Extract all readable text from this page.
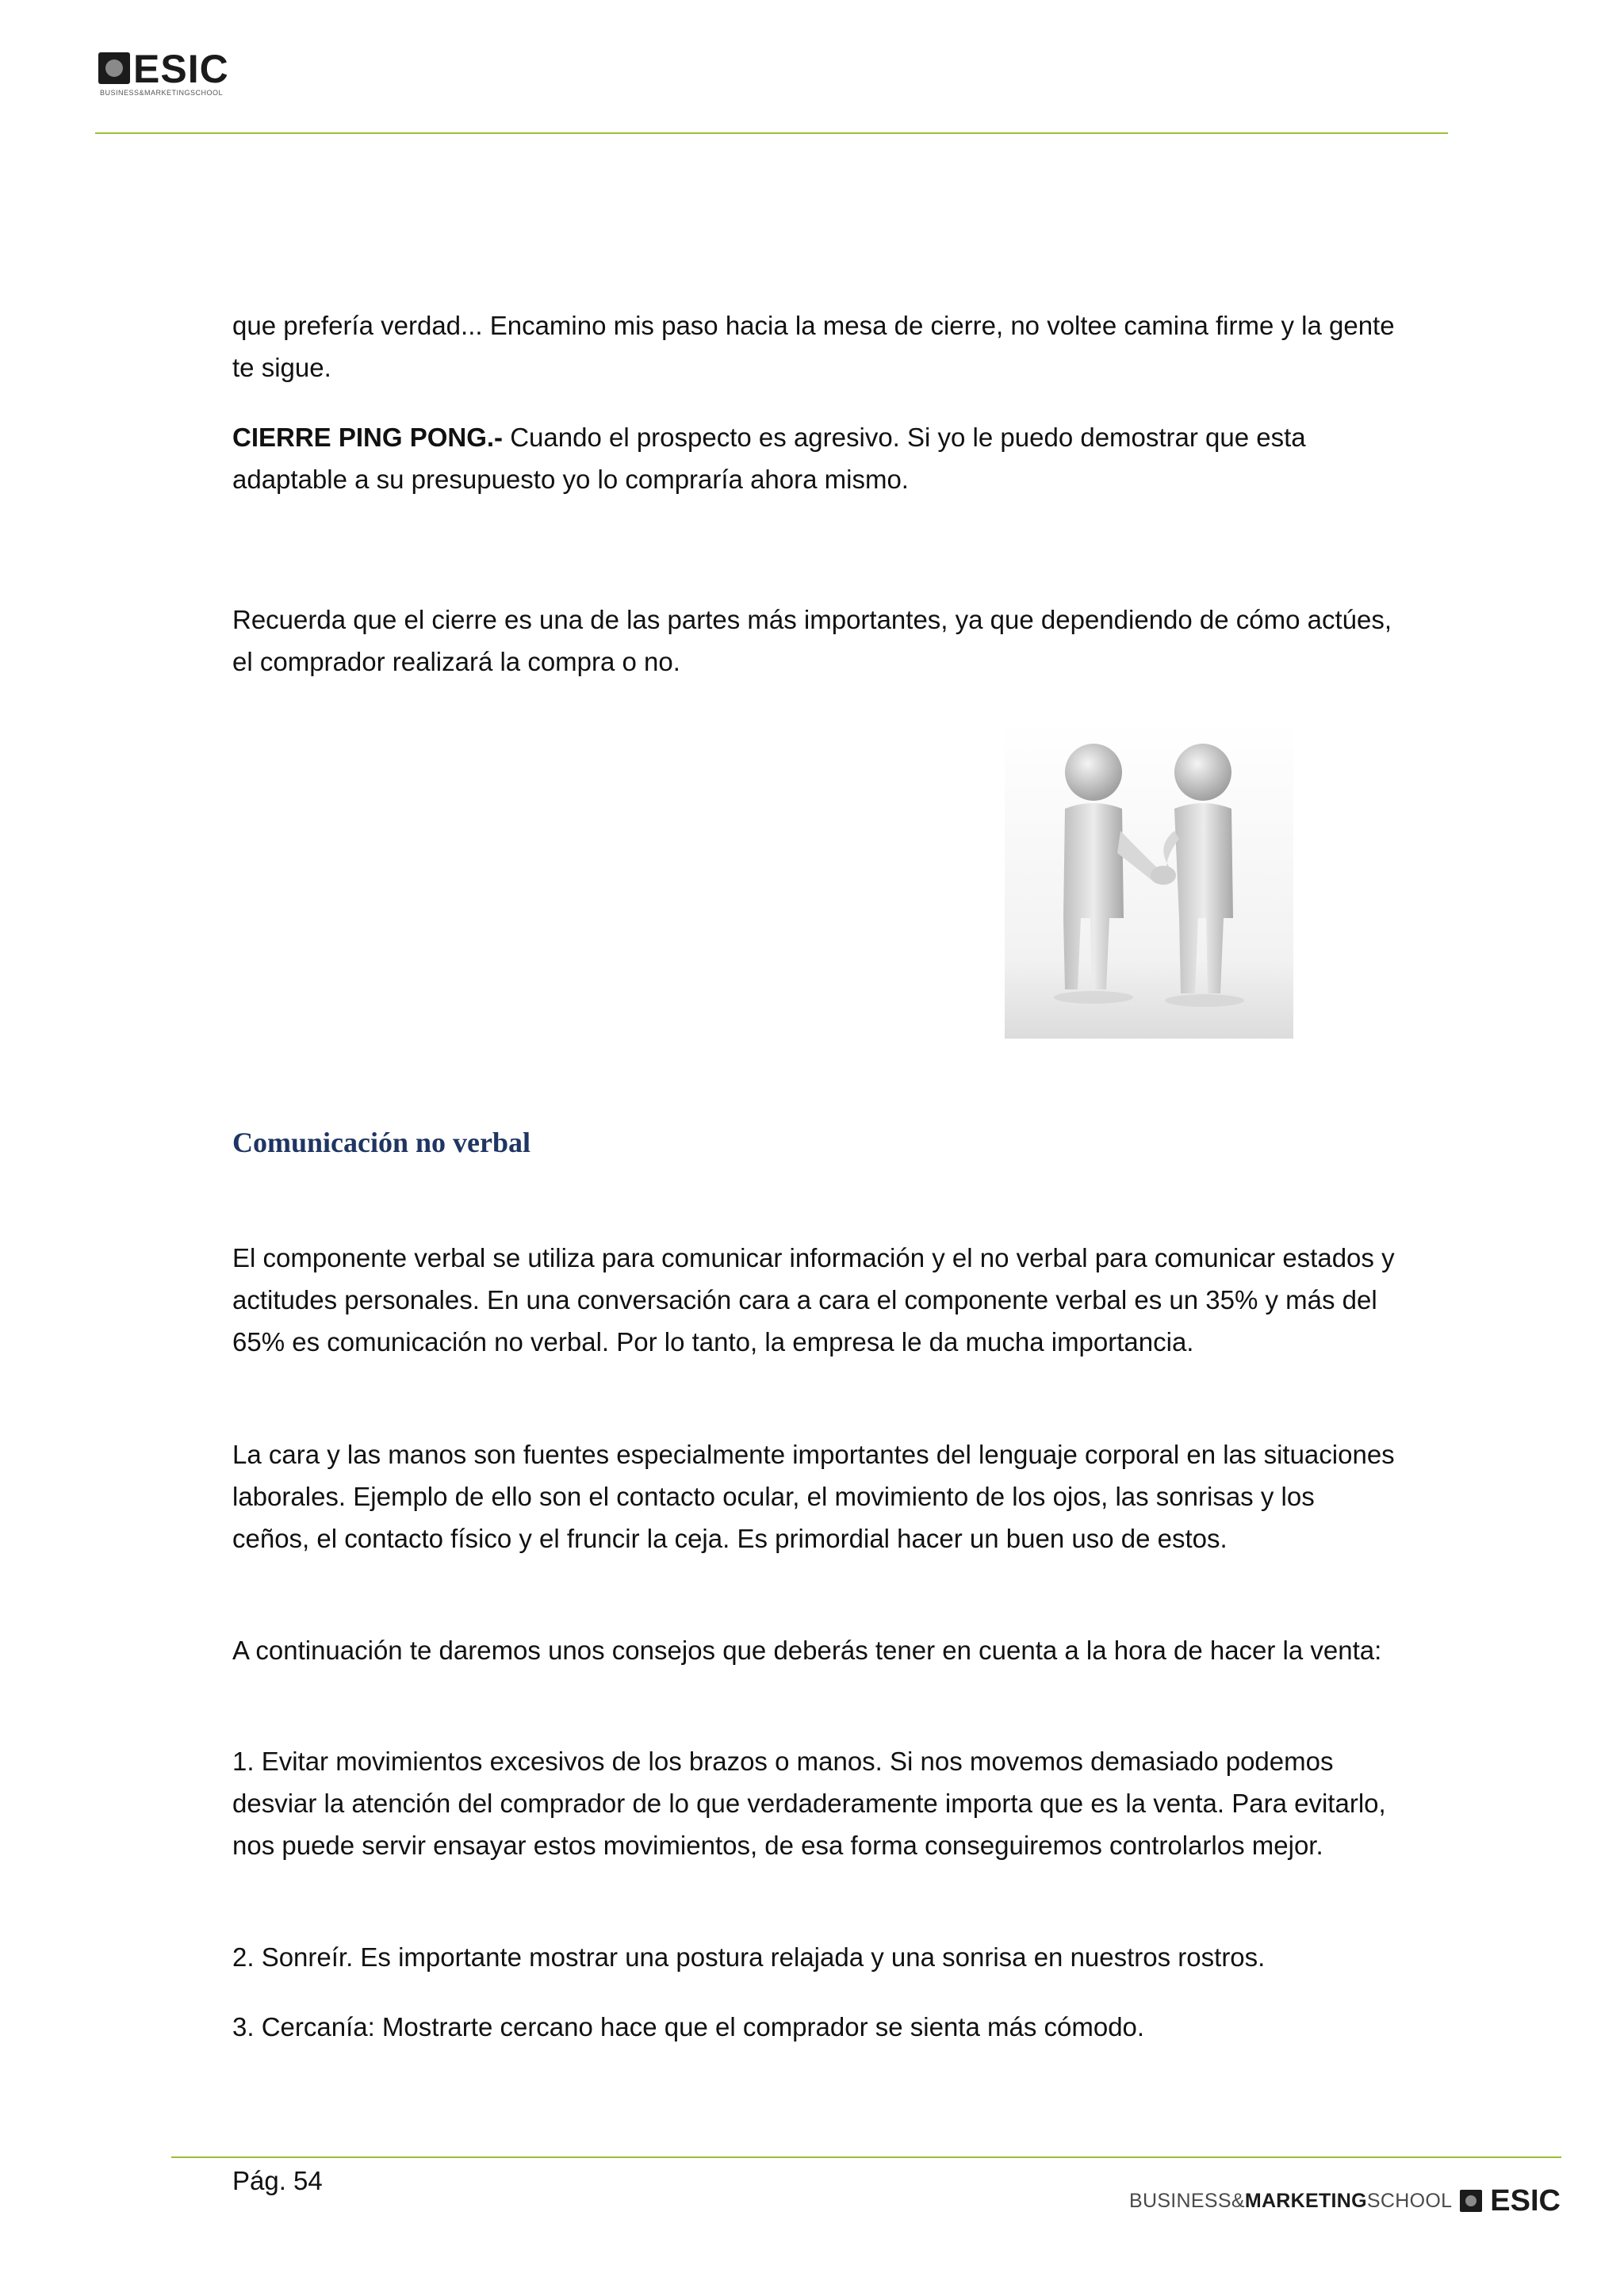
ESIC
BUSINESS&MARKETINGSCHOOL

que prefería verdad... Encamino mis paso hacia la mesa de cierre, no voltee camina firme y la gente te sigue.

CIERRE PING PONG.- Cuando el prospecto es agresivo. Si yo le puedo demostrar que esta adaptable a su presupuesto yo lo compraría ahora mismo.

Recuerda que el cierre es una de las partes más importantes, ya que dependiendo de cómo actúes, el comprador realizará la compra o no.

Comunicación no verbal

El componente verbal se utiliza para comunicar información y el no verbal para comunicar estados y actitudes personales. En una conversación cara a cara el componente verbal es un 35% y más del 65% es comunicación no verbal. Por lo tanto, la empresa le da mucha importancia.

La cara y las manos son fuentes especialmente importantes del lenguaje corporal en las situaciones laborales. Ejemplo de ello son el contacto ocular, el movimiento de los ojos, las sonrisas y los ceños, el contacto físico y el fruncir la ceja. Es primordial hacer un buen uso de estos.

A continuación te daremos unos consejos que deberás tener en cuenta a la hora de hacer la venta:

1. Evitar movimientos excesivos de los brazos o manos. Si nos movemos demasiado podemos desviar la atención del comprador de lo que verdaderamente importa que es la venta. Para evitarlo, nos puede servir ensayar estos movimientos, de esa forma conseguiremos controlarlos mejor.

2. Sonreír. Es importante mostrar una postura relajada y una sonrisa en nuestros rostros.

3. Cercanía: Mostrarte cercano hace que el comprador se sienta más cómodo.

Pág. 54
BUSINESS&MARKETINGSCHOOL ESIC
